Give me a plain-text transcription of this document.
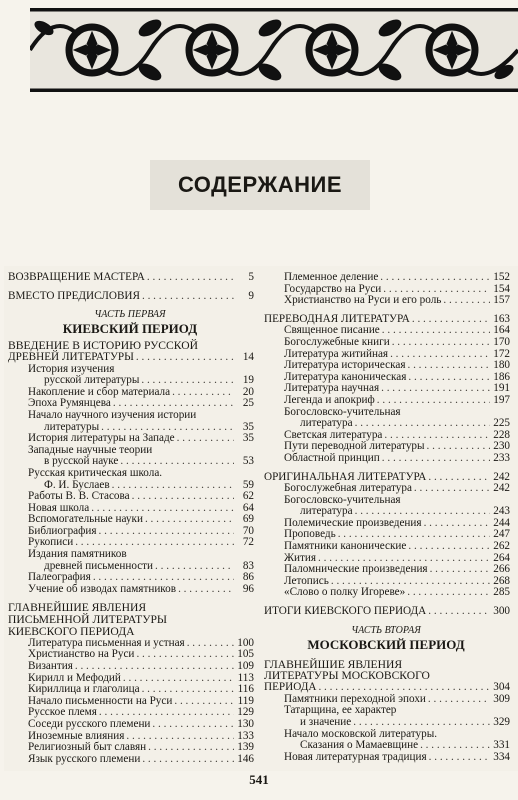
СОДЕРЖАНИЕ
ВОЗВРАЩЕНИЕ МАСТЕРА . . .	5
ВМЕСТО ПРЕДИСЛОВИЯ . . .	9
ЧАСТЬ ПЕРВАЯ
КИЕВСКИЙ ПЕРИОД
ВВЕДЕНИЕ В ИСТОРИЮ РУССКОЙ
ДРЕВНЕЙ ЛИТЕРАТУРЫ . . .	14
История изучения
русской литературы . . .	19
Накопление и сбор материала . . .	20
Эпоха Румянцева . . .	25
Начало научного изучения истории
литературы . . .	35
История литературы на Западе . . .	35
Западные научные теории
в русской науке . . .	53
Русская критическая школа.
Ф. И. Буслаев . . .	59
Работы В. В. Стасова . . .	62
Новая школа . . .	64
Вспомогательные науки . . .	69
Библиография . . .	70
Рукописи . . .	72
Издания памятников
древней письменности . . .	83
Палеография . . .	86
Учение об изводах памятников . . .	96
ГЛАВНЕЙШИЕ ЯВЛЕНИЯ
ПИСЬМЕННОЙ ЛИТЕРАТУРЫ
КИЕВСКОГО ПЕРИОДА
Литература письменная и устная . . .	100
Христианство на Руси . . .	105
Византия . . .	109
Кирилл и Мефодий . . .	113
Кириллица и глаголица . . .	116
Начало письменности на Руси . . .	119
Русское племя . . .	129
Соседи русского племени . . .	130
Иноземные влияния . . .	133
Религиозный быт славян . . .	139
Язык русского племени . . .	146
Племенное деление . . .	152
Государство на Руси . . .	154
Христианство на Руси и его роль . . .	157
ПЕРЕВОДНАЯ ЛИТЕРАТУРА . . .	163
Священное писание . . .	164
Богослужебные книги . . .	170
Литература житийная . . .	172
Литература историческая . . .	180
Литература каноническая . . .	186
Литература научная . . .	191
Легенда и апокриф . . .	197
Богословско-учительная
литература . . .	225
Светская литература . . .	228
Пути переводной литературы . . .	230
Областной принцип . . .	233
ОРИГИНАЛЬНАЯ ЛИТЕРАТУРА . . .	242
Богослужебная литература . . .	242
Богословско-учительная
литература . . .	243
Полемические произведения . . .	244
Проповедь . . .	247
Памятники канонические . . .	262
Жития . . .	264
Паломнические произведения . . .	266
Летопись . . .	268
«Слово о полку Игореве» . . .	285
ИТОГИ КИЕВСКОГО ПЕРИОДА . . .	300
ЧАСТЬ ВТОРАЯ
МОСКОВСКИЙ ПЕРИОД
ГЛАВНЕЙШИЕ ЯВЛЕНИЯ
ЛИТЕРАТУРЫ МОСКОВСКОГО
ПЕРИОДА . . .	304
Памятники переходной эпохи . . .	309
Татарщина, ее характер
и значение . . .	329
Начало московской литературы.
Сказания о Мамаевщине . . .	331
Новая литературная традиция . . .	334
541
